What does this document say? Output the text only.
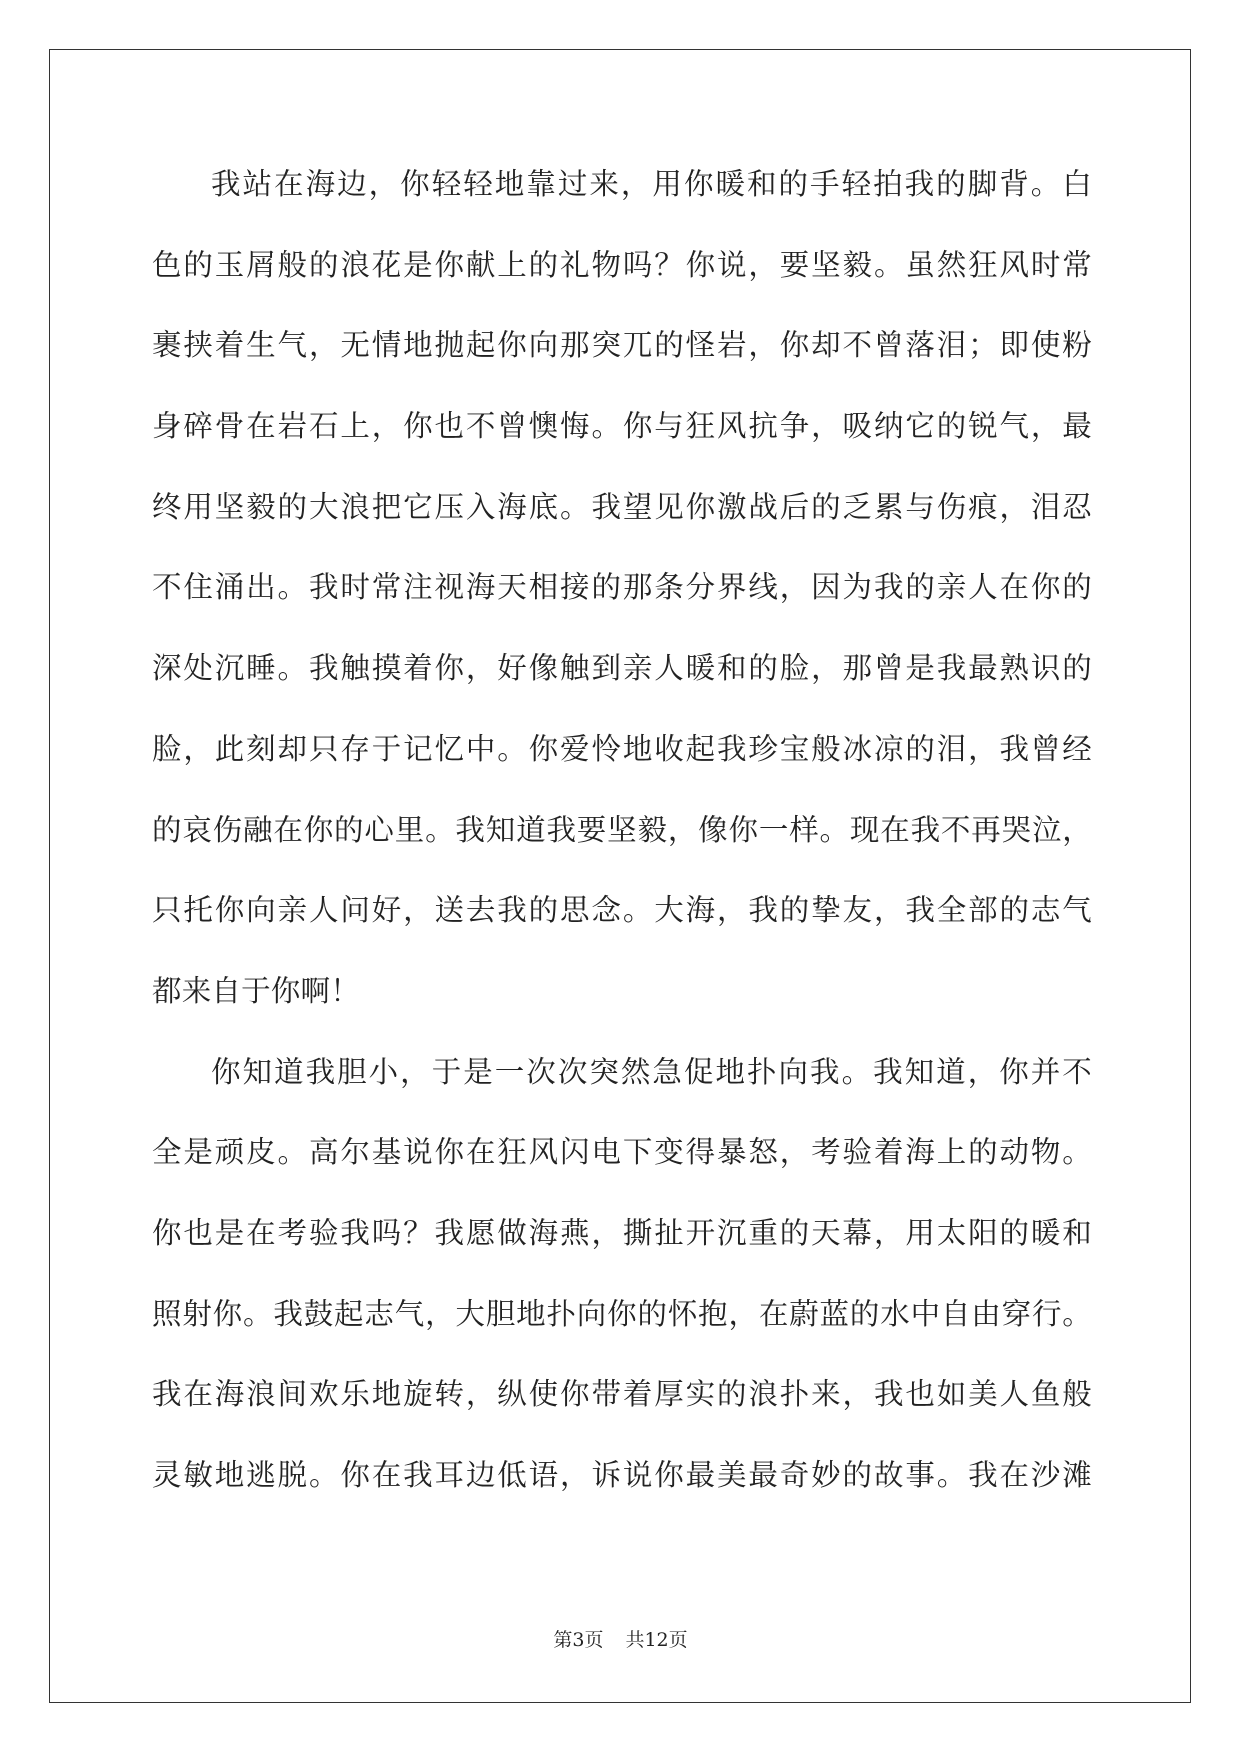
我站在海边，你轻轻地靠过来，用你暖和的手轻拍我的脚背。白
色的玉屑般的浪花是你献上的礼物吗？你说，要坚毅。虽然狂风时常
裹挟着生气，无情地抛起你向那突兀的怪岩，你却不曾落泪；即使粉
身碎骨在岩石上，你也不曾懊悔。你与狂风抗争，吸纳它的锐气，最
终用坚毅的大浪把它压入海底。我望见你激战后的乏累与伤痕，泪忍
不住涌出。我时常注视海天相接的那条分界线，因为我的亲人在你的
深处沉睡。我触摸着你，好像触到亲人暖和的脸，那曾是我最熟识的
脸，此刻却只存于记忆中。你爱怜地收起我珍宝般冰凉的泪，我曾经
的哀伤融在你的心里。我知道我要坚毅，像你一样。现在我不再哭泣，
只托你向亲人问好，送去我的思念。大海，我的挚友，我全部的志气
都来自于你啊！
你知道我胆小，于是一次次突然急促地扑向我。我知道，你并不
全是顽皮。高尔基说你在狂风闪电下变得暴怒，考验着海上的动物。
你也是在考验我吗？我愿做海燕，撕扯开沉重的天幕，用太阳的暖和
照射你。我鼓起志气，大胆地扑向你的怀抱，在蔚蓝的水中自由穿行。
我在海浪间欢乐地旋转，纵使你带着厚实的浪扑来，我也如美人鱼般
灵敏地逃脱。你在我耳边低语，诉说你最美最奇妙的故事。我在沙滩
第3页 共12页
